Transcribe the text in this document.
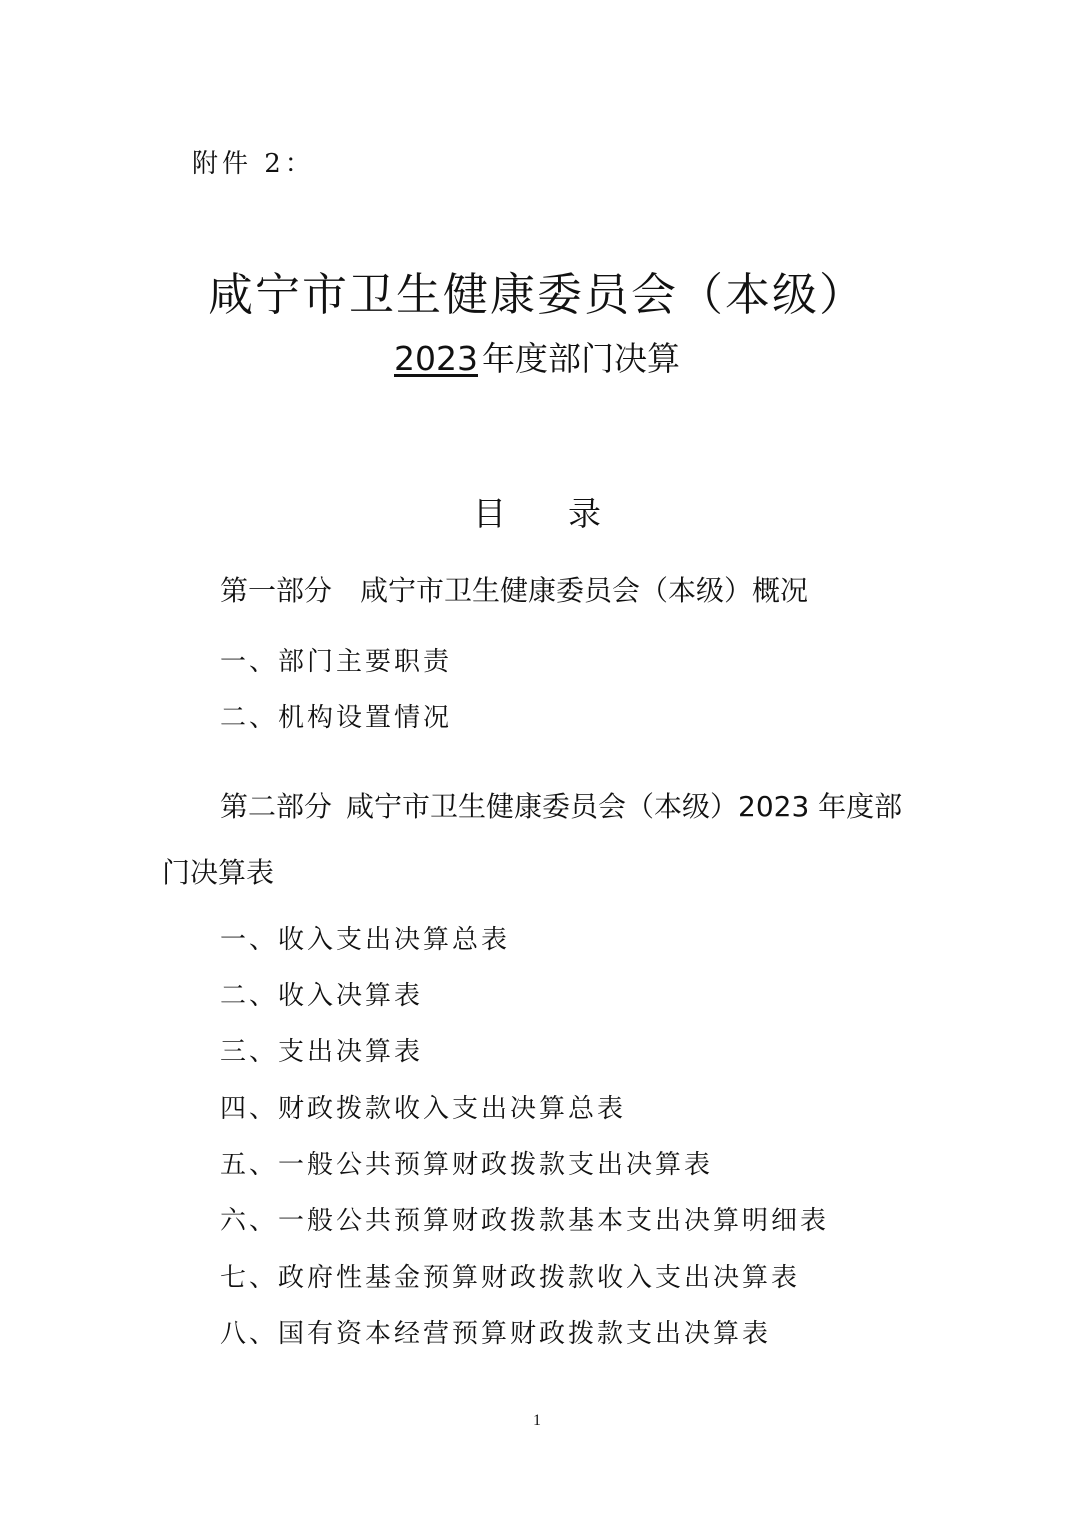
附件 2：
咸宁市卫生健康委员会（本级）
2023 年度部门决算
目 录
第一部分 咸宁市卫生健康委员会（本级）概况
一、部门主要职责
二、机构设置情况
第二部分 咸宁市卫生健康委员会（本级）2023 年度部门决算表
一、收入支出决算总表
二、收入决算表
三、支出决算表
四、财政拨款收入支出决算总表
五、一般公共预算财政拨款支出决算表
六、一般公共预算财政拨款基本支出决算明细表
七、政府性基金预算财政拨款收入支出决算表
八、国有资本经营预算财政拨款支出决算表
1
